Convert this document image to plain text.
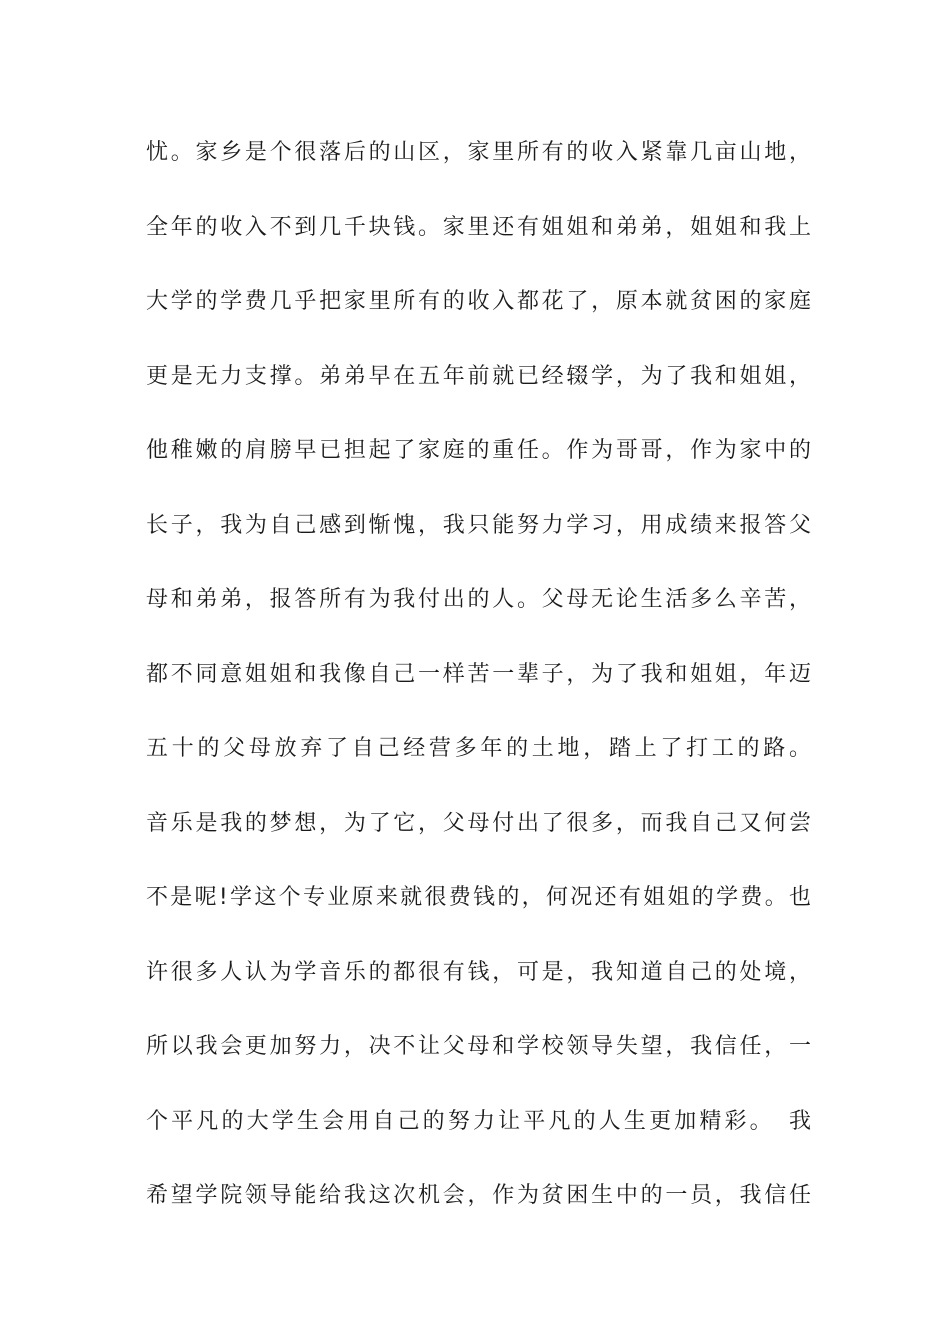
忧。家乡是个很落后的山区，家里所有的收入紧靠几亩山地，
全年的收入不到几千块钱。家里还有姐姐和弟弟，姐姐和我上
大学的学费几乎把家里所有的收入都花了，原本就贫困的家庭
更是无力支撑。弟弟早在五年前就已经辍学，为了我和姐姐，
他稚嫩的肩膀早已担起了家庭的重任。作为哥哥，作为家中的
长子，我为自己感到惭愧，我只能努力学习，用成绩来报答父
母和弟弟，报答所有为我付出的人。父母无论生活多么辛苦，
都不同意姐姐和我像自己一样苦一辈子，为了我和姐姐，年迈
五十的父母放弃了自己经营多年的土地，踏上了打工的路。
音乐是我的梦想，为了它，父母付出了很多，而我自己又何尝
不是呢!学这个专业原来就很费钱的，何况还有姐姐的学费。也
许很多人认为学音乐的都很有钱，可是，我知道自己的处境，
所以我会更加努力，决不让父母和学校领导失望，我信任，一
个平凡的大学生会用自己的努力让平凡的人生更加精彩。　我
希望学院领导能给我这次机会，作为贫困生中的一员，我信任
